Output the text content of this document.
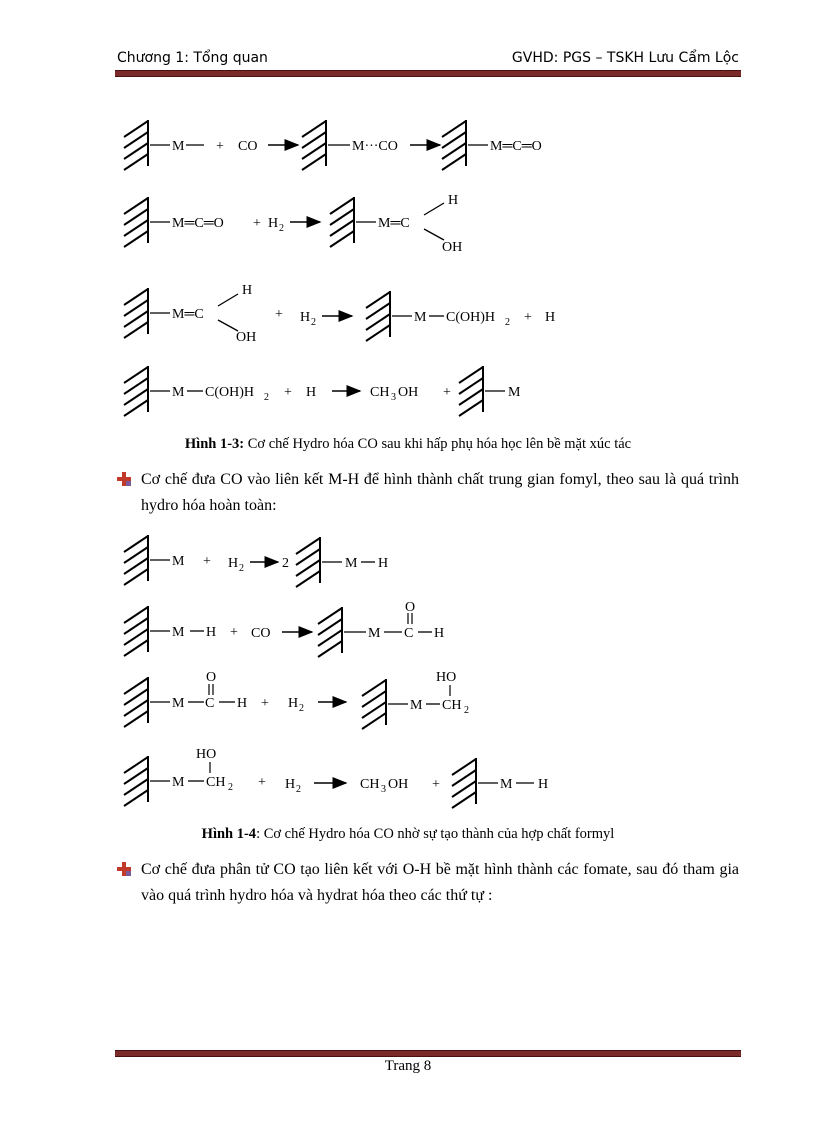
Chương 1: Tổng quan	GVHD: PGS – TSKH Lưu Cẩm Lộc
M + CO	M···CO	M═C═O
M═C═O + H 2	M═C
H
OH
M═C
H
OH
+ H 2	M C(OH)H 2 + H
M C(OH)H 2 + H	CH 3 OH +	M
Hình 1-3: Cơ chế Hydro hóa CO sau khi hấp phụ hóa học lên bề mặt xúc tác
Cơ chế đưa CO vào liên kết M-H để hình thành chất trung gian fomyl, theo sau là quá trình hydro hóa hoàn toàn:
M + H 2	2	M H
M H + CO	M C H
O
O
M C H + H 2
HO
M CH 2
HO
M CH 2 + H 2	CH 3 OH +	M H
Hình 1-4: Cơ chế Hydro hóa CO nhờ sự tạo thành của hợp chất formyl
Cơ chế đưa phân tử CO tạo liên kết với O-H bề mặt hình thành các fomate, sau đó tham gia vào quá trình hydro hóa và hydrat hóa theo các thứ tự :
Trang 8
